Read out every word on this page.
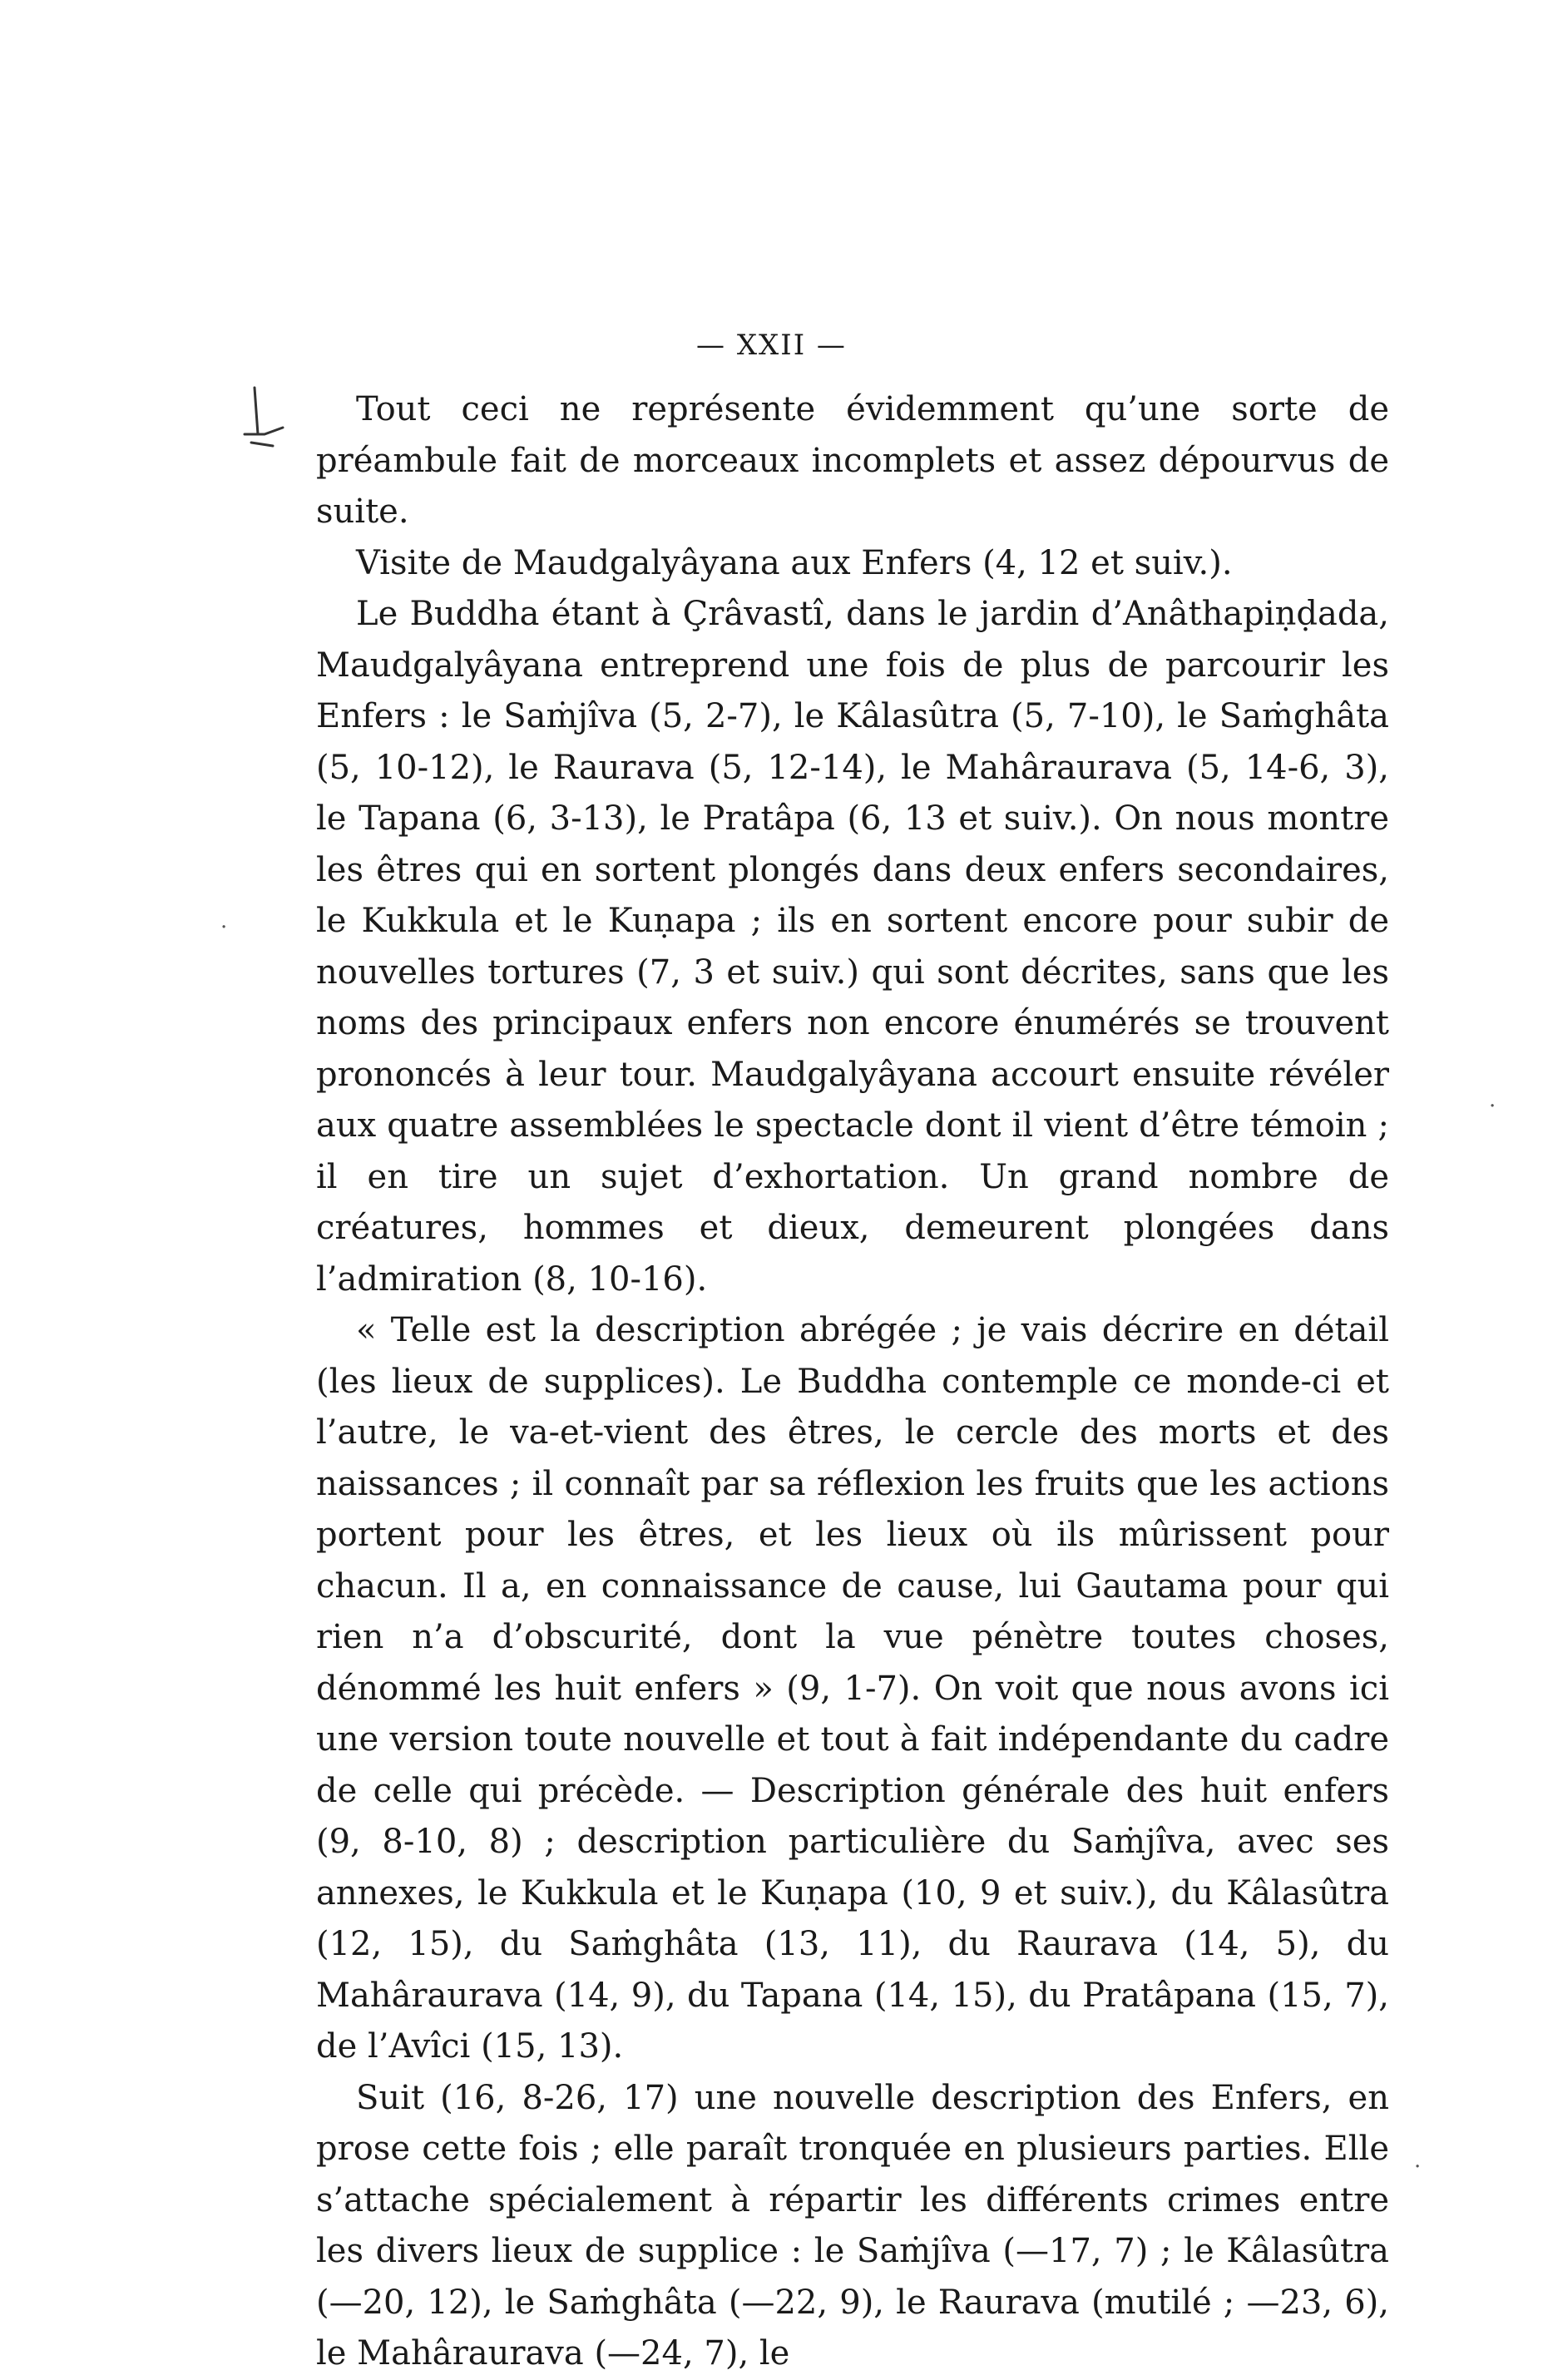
— XXII —

Tout ceci ne représente évidemment qu’une sorte de préambule fait de morceaux incomplets et assez dépourvus de suite.

Visite de Maudgalyâyana aux Enfers (4, 12 et suiv.).

Le Buddha étant à Çrâvastî, dans le jardin d’Anâthapiṇḍada, Maudgalyâyana entreprend une fois de plus de parcourir les Enfers : le Saṁjîva (5, 2-7), le Kâlasûtra (5, 7-10), le Saṁghâta (5, 10-12), le Raurava (5, 12-14), le Mahâraurava (5, 14-6, 3), le Tapana (6, 3-13), le Pratâpa (6, 13 et suiv.). On nous montre les êtres qui en sortent plongés dans deux enfers secondaires, le Kukkula et le Kuṇapa ; ils en sortent encore pour subir de nouvelles tortures (7, 3 et suiv.) qui sont décrites, sans que les noms des principaux enfers non encore énumérés se trouvent prononcés à leur tour. Maudgalyâyana accourt ensuite révéler aux quatre assemblées le spectacle dont il vient d’être témoin ; il en tire un sujet d’exhortation. Un grand nombre de créatures, hommes et dieux, demeurent plongées dans l’admiration (8, 10-16).

« Telle est la description abrégée ; je vais décrire en détail (les lieux de supplices). Le Buddha contemple ce monde-ci et l’autre, le va-et-vient des êtres, le cercle des morts et des naissances ; il connaît par sa réflexion les fruits que les actions portent pour les êtres, et les lieux où ils mûrissent pour chacun. Il a, en connaissance de cause, lui Gautama pour qui rien n’a d’obscurité, dont la vue pénètre toutes choses, dénommé les huit enfers » (9, 1-7). On voit que nous avons ici une version toute nouvelle et tout à fait indépendante du cadre de celle qui précède. — Description générale des huit enfers (9, 8-10, 8) ; description particulière du Saṁjîva, avec ses annexes, le Kukkula et le Kuṇapa (10, 9 et suiv.), du Kâlasûtra (12, 15), du Saṁghâta (13, 11), du Raurava (14, 5), du Mahâraurava (14, 9), du Tapana (14, 15), du Pratâpana (15, 7), de l’Avîci (15, 13).

Suit (16, 8-26, 17) une nouvelle description des Enfers, en prose cette fois ; elle paraît tronquée en plusieurs parties. Elle s’attache spécialement à répartir les différents crimes entre les divers lieux de supplice : le Saṁjîva (—17, 7) ; le Kâlasûtra (—20, 12), le Saṁghâta (—22, 9), le Raurava (mutilé ; —23, 6), le Mahâraurava (—24, 7), le

·
·
·
